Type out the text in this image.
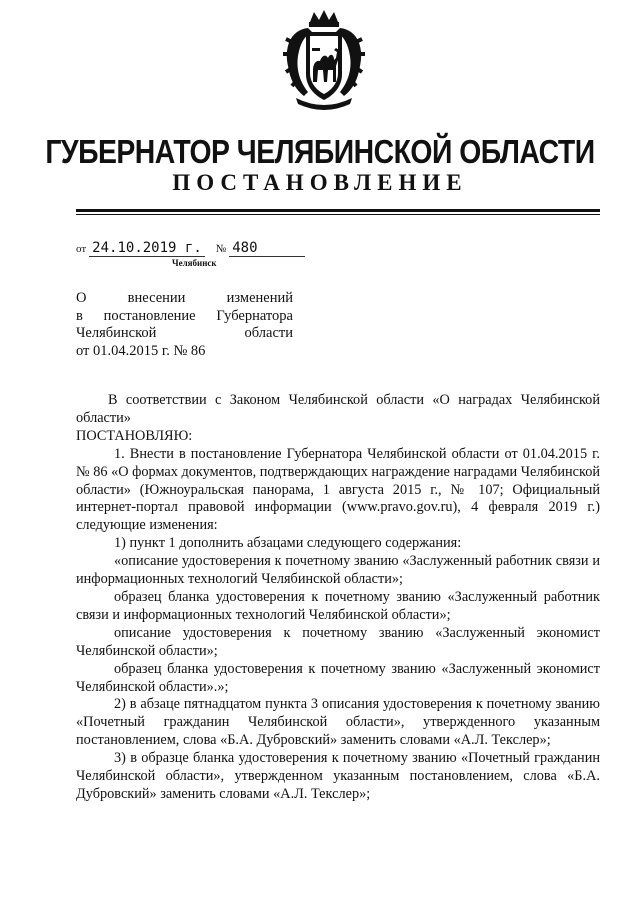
ГУБЕРНАТОР ЧЕЛЯБИНСКОЙ ОБЛАСТИ
ПОСТАНОВЛЕНИЕ
от 24.10.2019 г. № 480
Челябинск
О внесении изменений
в постановление Губернатора
Челябинской области
от 01.04.2015 г. № 86

В соответствии с Законом Челябинской области «О наградах Челябинской области»

ПОСТАНОВЛЯЮ:

1. Внести в постановление Губернатора Челябинской области от 01.04.2015 г. № 86 «О формах документов, подтверждающих награждение наградами Челябинской области» (Южноуральская панорама, 1 августа 2015 г., № 107; Официальный интернет-портал правовой информации (www.pravo.gov.ru), 4 февраля 2019 г.) следующие изменения:

1) пункт 1 дополнить абзацами следующего содержания:

«описание удостоверения к почетному званию «Заслуженный работник связи и информационных технологий Челябинской области»;

образец бланка удостоверения к почетному званию «Заслуженный работник связи и информационных технологий Челябинской области»;

описание удостоверения к почетному званию «Заслуженный экономист Челябинской области»;

образец бланка удостоверения к почетному званию «Заслуженный экономист Челябинской области».»;

2) в абзаце пятнадцатом пункта 3 описания удостоверения к почетному званию «Почетный гражданин Челябинской области», утвержденного указанным постановлением, слова «Б.А. Дубровский» заменить словами «А.Л. Текслер»;

3) в образце бланка удостоверения к почетному званию «Почетный гражданин Челябинской области», утвержденном указанным постановлением, слова «Б.А. Дубровский» заменить словами «А.Л. Текслер»;
